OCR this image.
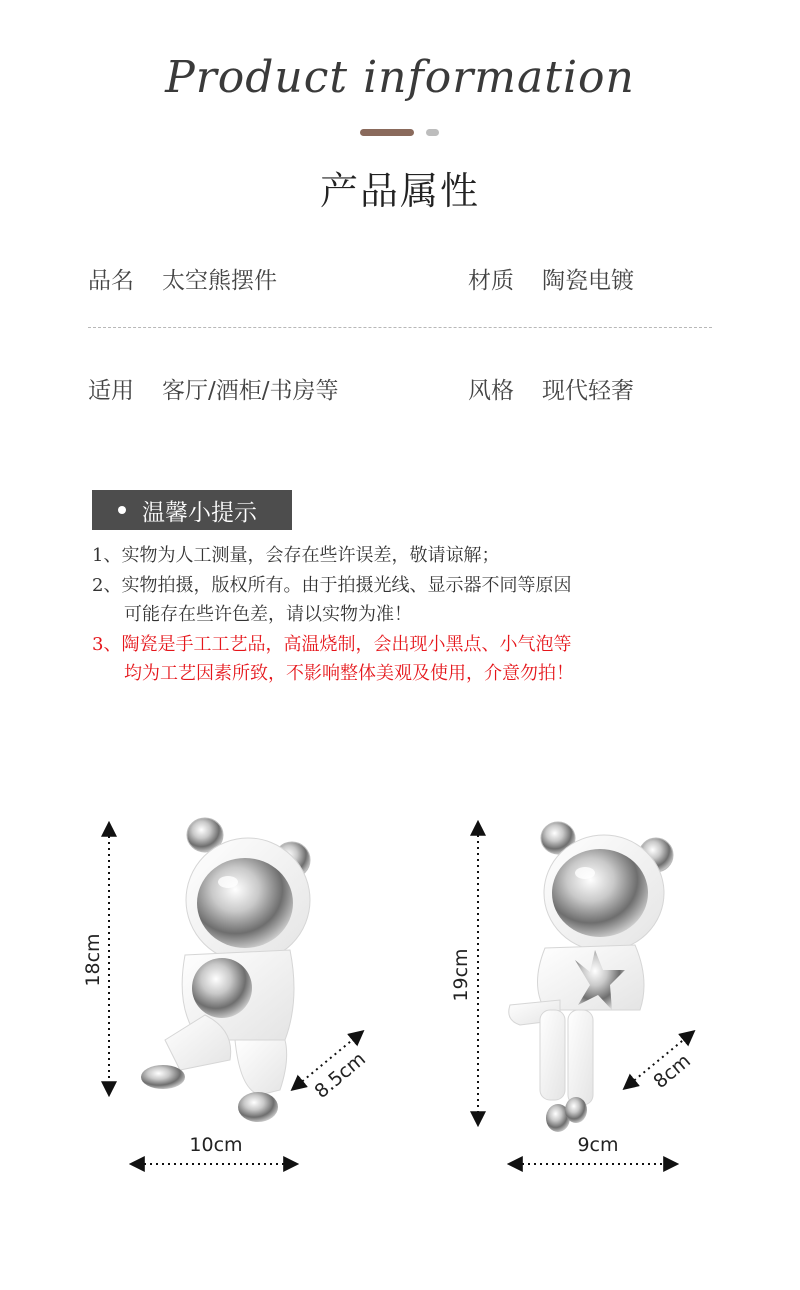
Product information
产品属性
品名 太空熊摆件	材质 陶瓷电镀
适用 客厅/酒柜/书房等	风格 现代轻奢
温馨小提示
1、实物为人工测量，会存在些许误差，敬请谅解；
2、实物拍摄，版权所有。由于拍摄光线、显示器不同等原因
可能存在些许色差，请以实物为准！
3、陶瓷是手工工艺品，高温烧制，会出现小黑点、小气泡等
均为工艺因素所致，不影响整体美观及使用，介意勿拍！
18cm
10cm
8.5cm
19cm
9cm
8cm
